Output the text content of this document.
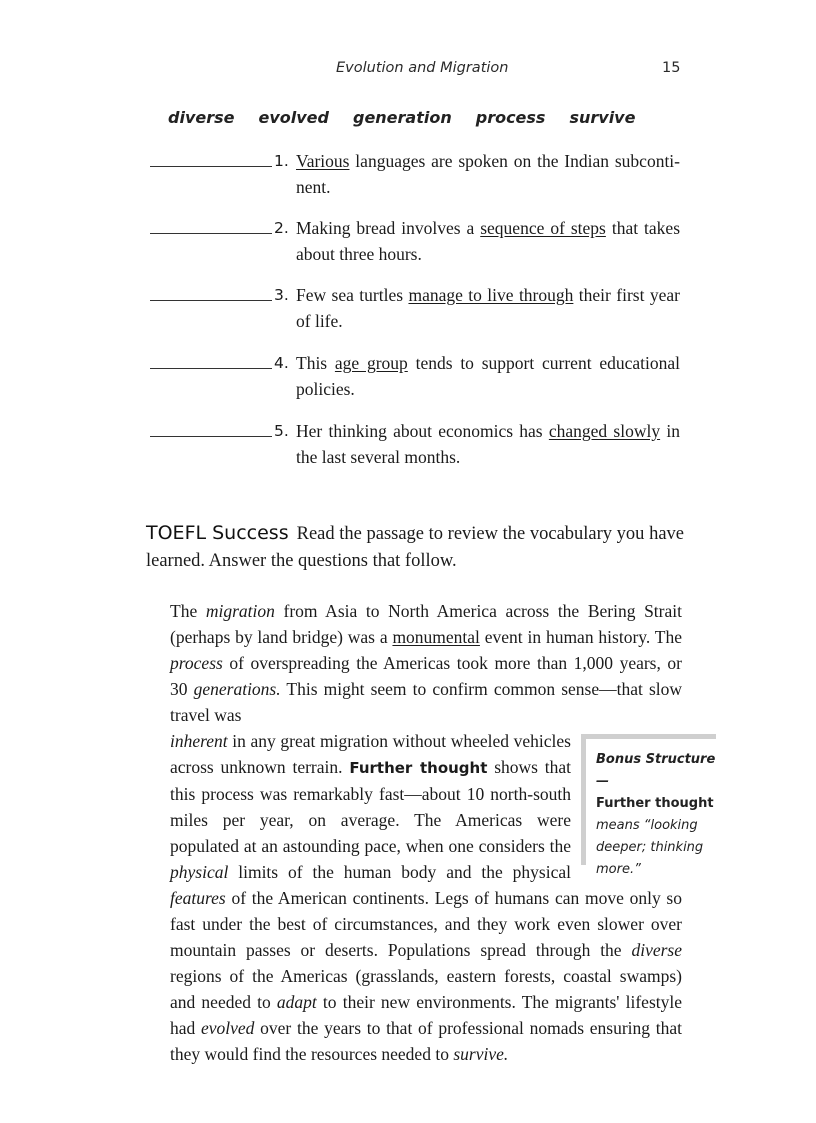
Evolution and Migration	15
diverse evolved generation process survive
1. Various languages are spoken on the Indian subconti-nent.
2. Making bread involves a sequence of steps that takes about three hours.
3. Few sea turtles manage to live through their first year of life.
4. This age group tends to support current educational policies.
5. Her thinking about economics has changed slowly in the last several months.
TOEFL Success Read the passage to review the vocabulary you have learned. Answer the questions that follow.

The migration from Asia to North America across the Bering Strait (perhaps by land bridge) was a monumental event in human history. The process of overspreading the Americas took more than 1,000 years, or 30 generations. This might seem to confirm common sense—that slow travel was

Bonus Structure—
Further thought
means “looking deeper; thinking more.”
inherent in any great migration without wheeled vehicles across unknown terrain. Further thought shows that this process was remarkably fast—about 10 north-south miles per year, on average. The Americas were populated at an astounding pace, when one considers the physical limits of the human body and the physical features of the American continents. Legs of humans can move only so fast under the best of circumstances, and they work even slower over mountain passes or deserts. Populations spread through the diverse regions of the Americas (grasslands, eastern forests, coastal swamps) and needed to adapt to their new environments. The migrants' lifestyle had evolved over the years to that of professional nomads ensuring that they would find the resources needed to survive.
